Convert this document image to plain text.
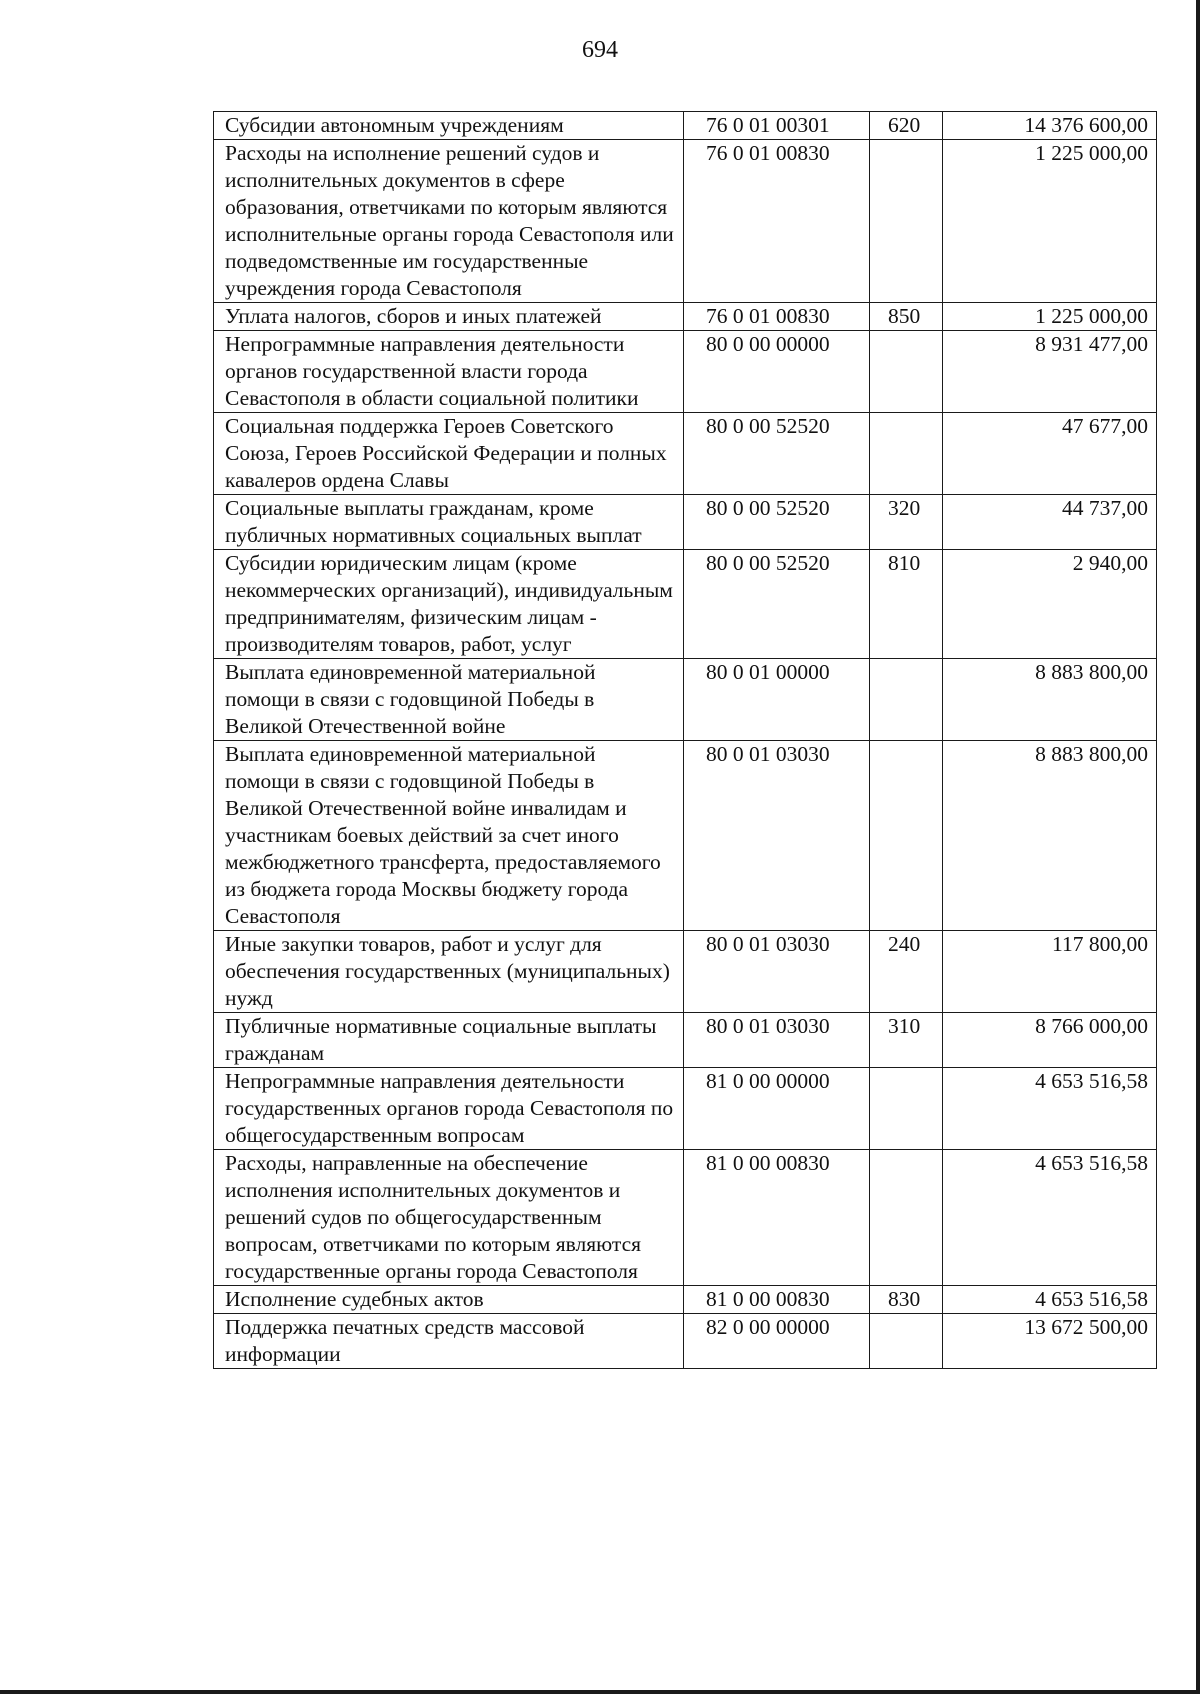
694
Субсидии автономным учреждениям	76 0 01 00301	620	14 376 600,00
Расходы на исполнение решений судов и исполнительных документов в сфере образования, ответчиками по которым являются исполнительные органы города Севастополя или подведомственные им государственные учреждения города Севастополя	76 0 01 00830		1 225 000,00
Уплата налогов, сборов и иных платежей	76 0 01 00830	850	1 225 000,00
Непрограммные направления деятельности органов государственной власти города Севастополя в области социальной политики	80 0 00 00000		8 931 477,00
Социальная поддержка Героев Советского Союза, Героев Российской Федерации и полных кавалеров ордена Славы	80 0 00 52520		47 677,00
Социальные выплаты гражданам, кроме публичных нормативных социальных выплат	80 0 00 52520	320	44 737,00
Субсидии юридическим лицам (кроме некоммерческих организаций), индивидуальным предпринимателям, физическим лицам - производителям товаров, работ, услуг	80 0 00 52520	810	2 940,00
Выплата единовременной материальной помощи в связи с годовщиной Победы в Великой Отечественной войне	80 0 01 00000		8 883 800,00
Выплата единовременной материальной помощи в связи с годовщиной Победы в Великой Отечественной войне инвалидам и участникам боевых действий за счет иного межбюджетного трансферта, предоставляемого из бюджета города Москвы бюджету города Севастополя	80 0 01 03030		8 883 800,00
Иные закупки товаров, работ и услуг для обеспечения государственных (муниципальных) нужд	80 0 01 03030	240	117 800,00
Публичные нормативные социальные выплаты гражданам	80 0 01 03030	310	8 766 000,00
Непрограммные направления деятельности государственных органов города Севастополя по общегосударственным вопросам	81 0 00 00000		4 653 516,58
Расходы, направленные на обеспечение исполнения исполнительных документов и решений судов по общегосударственным вопросам, ответчиками по которым являются государственные органы города Севастополя	81 0 00 00830		4 653 516,58
Исполнение судебных актов	81 0 00 00830	830	4 653 516,58
Поддержка печатных средств массовой информации	82 0 00 00000		13 672 500,00
